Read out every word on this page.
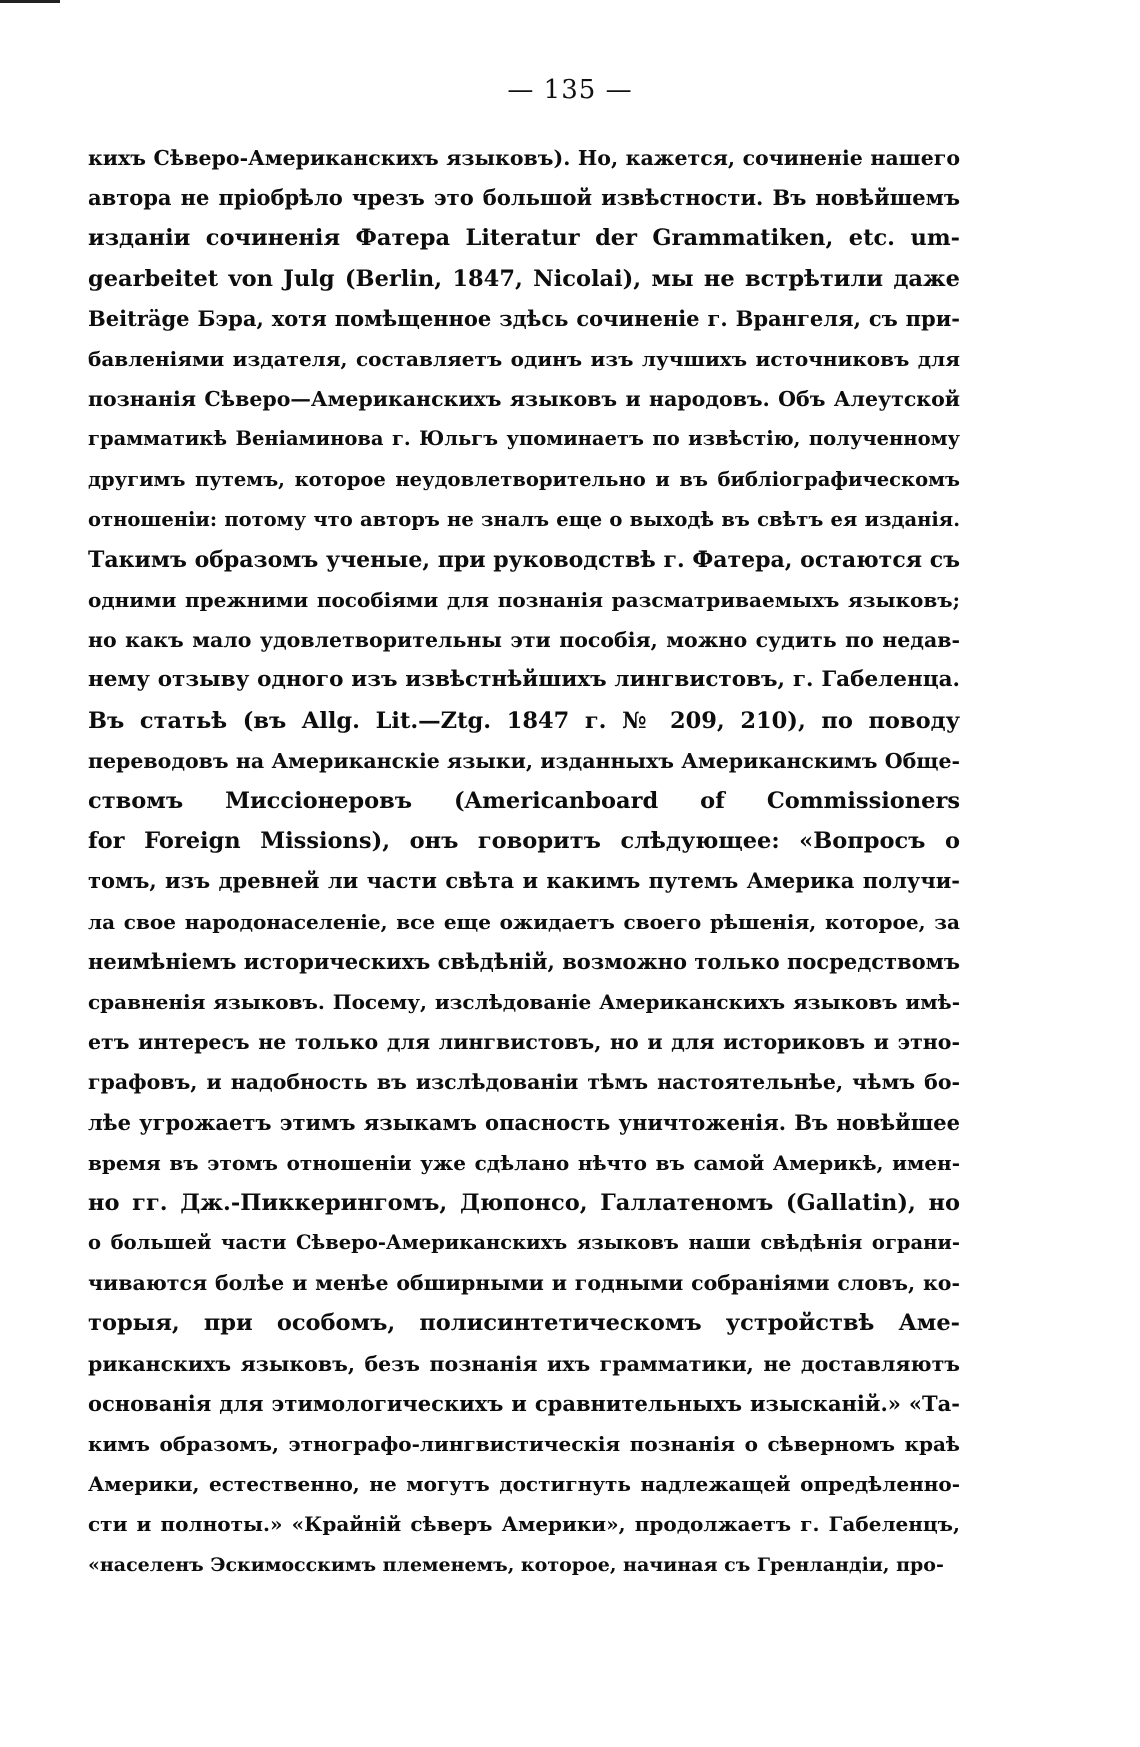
— 135 —
кихъ Сѣверо-Американскихъ языковъ). Но, кажется, сочиненіе нашего
автора не пріобрѣло чрезъ это большой извѣстности. Въ новѣйшемъ
изданіи сочиненія Фатера Literatur der Grammatiken, etc. um-
gearbeitet von Julg (Berlin, 1847, Nicolai), мы не встрѣтили даже
Beiträge Бэра, хотя помѣщенное здѣсь сочиненіе г. Врангеля, съ при-
бавленіями издателя, составляетъ одинъ изъ лучшихъ источниковъ для
познанія Сѣверо—Американскихъ языковъ и народовъ. Объ Алеутской
грамматикѣ Веніаминова г. Юльгъ упоминаетъ по извѣстію, полученному
другимъ путемъ, которое неудовлетворительно и въ библіографическомъ
отношеніи: потому что авторъ не зналъ еще о выходѣ въ свѣтъ ея изданія.
Такимъ образомъ ученые, при руководствѣ г. Фатера, остаются съ
одними прежними пособіями для познанія разсматриваемыхъ языковъ;
но какъ мало удовлетворительны эти пособія, можно судить по недав-
нему отзыву одного изъ извѣстнѣйшихъ лингвистовъ, г. Габеленца.
Въ статьѣ (въ Allg. Lit.—Ztg. 1847 г. № 209, 210), по поводу
переводовъ на Американскіе языки, изданныхъ Американскимъ Обще-
ствомъ Миссіонеровъ (Americanboard of Commissioners
for Foreign Missions), онъ говоритъ слѣдующее: «Вопросъ о
томъ, изъ древней ли части свѣта и какимъ путемъ Америка получи-
ла свое народонаселеніе, все еще ожидаетъ своего рѣшенія, которое, за
неимѣніемъ историческихъ свѣдѣній, возможно только посредствомъ
сравненія языковъ. Посему, изслѣдованіе Американскихъ языковъ имѣ-
етъ интересъ не только для лингвистовъ, но и для историковъ и этно-
графовъ, и надобность въ изслѣдованіи тѣмъ настоятельнѣе, чѣмъ бо-
лѣе угрожаетъ этимъ языкамъ опасность уничтоженія. Въ новѣйшее
время въ этомъ отношеніи уже сдѣлано нѣчто въ самой Америкѣ, имен-
но гг. Дж.-Пиккерингомъ, Дюпонсо, Галлатеномъ (Gallatin), но
о большей части Сѣверо-Американскихъ языковъ наши свѣдѣнія ограни-
чиваются болѣе и менѣе обширными и годными собраніями словъ, ко-
торыя, при особомъ, полисинтетическомъ устройствѣ Аме-
риканскихъ языковъ, безъ познанія ихъ грамматики, не доставляютъ
основанія для этимологическихъ и сравнительныхъ изысканій.» «Та-
кимъ образомъ, этнографо-лингвистическія познанія о сѣверномъ краѣ
Америки, естественно, не могутъ достигнуть надлежащей опредѣленно-
сти и полноты.» «Крайній сѣверъ Америки», продолжаетъ г. Габеленцъ,
«населенъ Эскимосскимъ племенемъ, которое, начиная съ Гренландіи, про-
